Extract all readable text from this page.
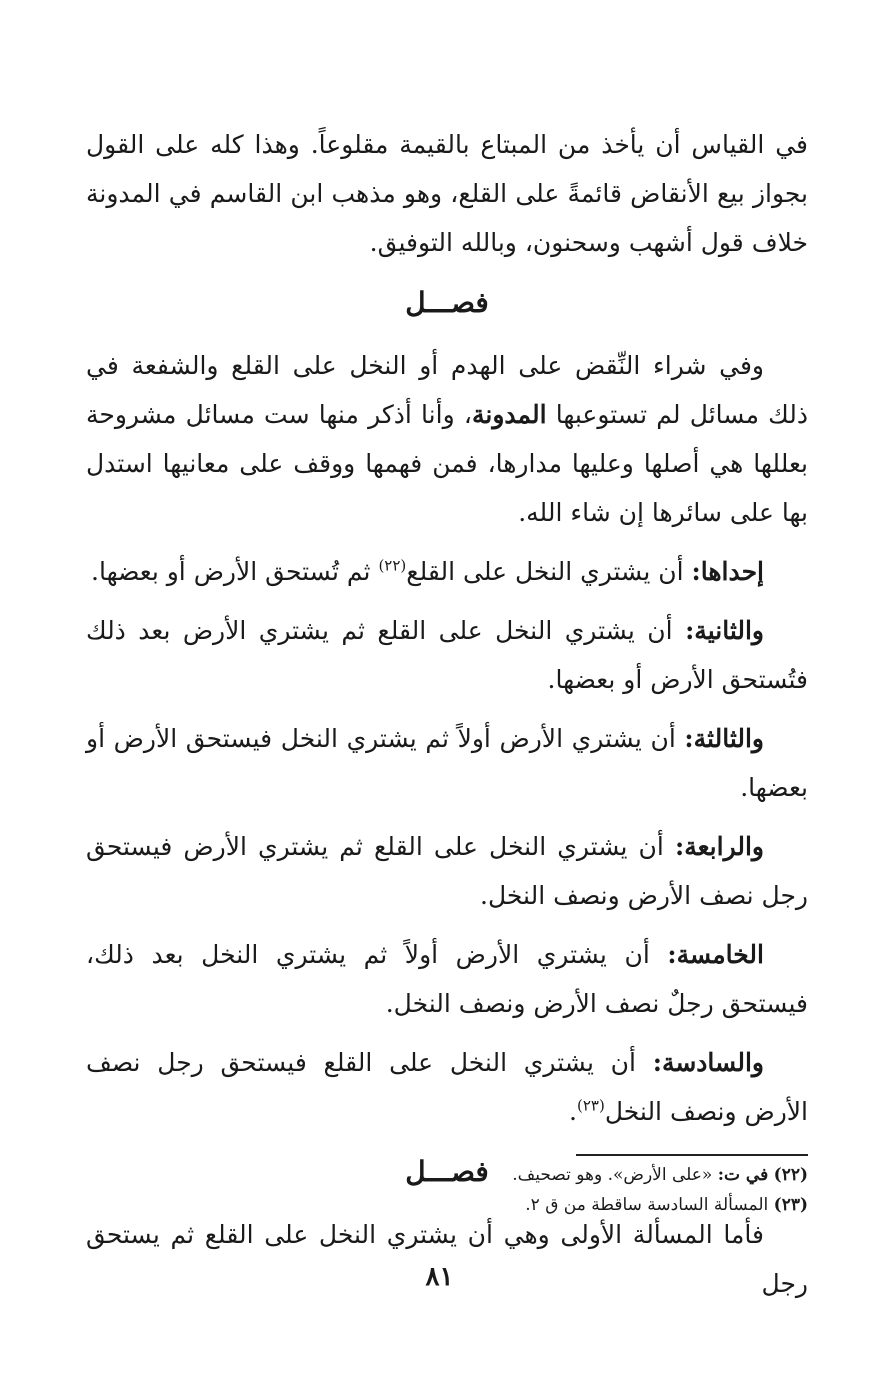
في القياس أن يأخذ من المبتاع بالقيمة مقلوعاً. وهذا كله على القول بجواز بيع الأنقاض قائمةً على القلع، وهو مذهب ابن القاسم في المدونة خلاف قول أشهب وسحنون، وبالله التوفيق.

فصـــل

وفي شراء النِّقض على الهدم أو النخل على القلع والشفعة في ذلك مسائل لم تستوعبها المدونة، وأنا أذكر منها ست مسائل مشروحة بعللها هي أصلها وعليها مدارها، فمن فهمها ووقف على معانيها استدل بها على سائرها إن شاء الله.

إحداها: أن يشتري النخل على القلع$^{(٢٢)}$ ثم تُستحق الأرض أو بعضها.

والثانية: أن يشتري النخل على القلع ثم يشتري الأرض بعد ذلك فتُستحق الأرض أو بعضها.

والثالثة: أن يشتري الأرض أولاً ثم يشتري النخل فيستحق الأرض أو بعضها.

والرابعة: أن يشتري النخل على القلع ثم يشتري الأرض فيستحق رجل نصف الأرض ونصف النخل.

الخامسة: أن يشتري الأرض أولاً ثم يشتري النخل بعد ذلك، فيستحق رجلٌ نصف الأرض ونصف النخل.

والسادسة: أن يشتري النخل على القلع فيستحق رجل نصف الأرض ونصف النخل$^{(٢٣)}$.

فصـــل

فأما المسألة الأولى وهي أن يشتري النخل على القلع ثم يستحق رجل

(٢٢) في ت: «على الأرض». وهو تصحيف.

(٢٣) المسألة السادسة ساقطة من ق ٢.

٨١
